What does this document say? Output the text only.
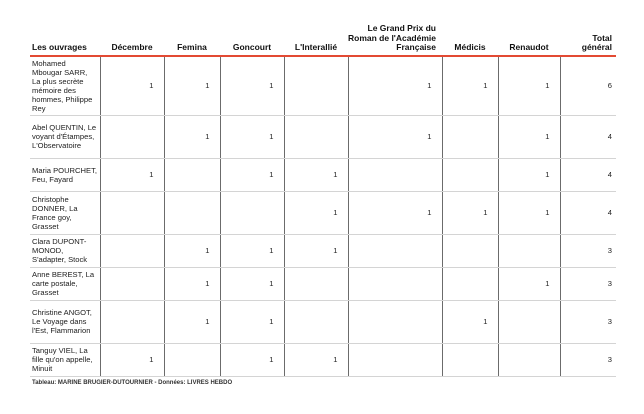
Les ouvrages	Décembre	Femina	Goncourt	L'Interallié	Le Grand Prix du Roman de l'Académie Française	Médicis	Renaudot	Total général
Mohamed Mbougar SARR, La plus secrète mémoire des hommes, Philippe Rey	1	1	1		1	1	1	6
Abel QUENTIN, Le voyant d'Étampes, L'Observatoire		1	1		1		1	4
Maria POURCHET, Feu, Fayard	1		1	1			1	4
Christophe DONNER, La France goy, Grasset				1	1	1	1	4
Clara DUPONT-MONOD, S'adapter, Stock		1	1	1				3
Anne BEREST, La carte postale, Grasset		1	1				1	3
Christine ANGOT, Le Voyage dans l'Est, Flammarion		1	1			1		3
Tanguy VIEL, La fille qu'on appelle, Minuit	1		1	1				3
Tableau: MARINE BRUGIER-DUTOURNIER - Données: LIVRES HEBDO
